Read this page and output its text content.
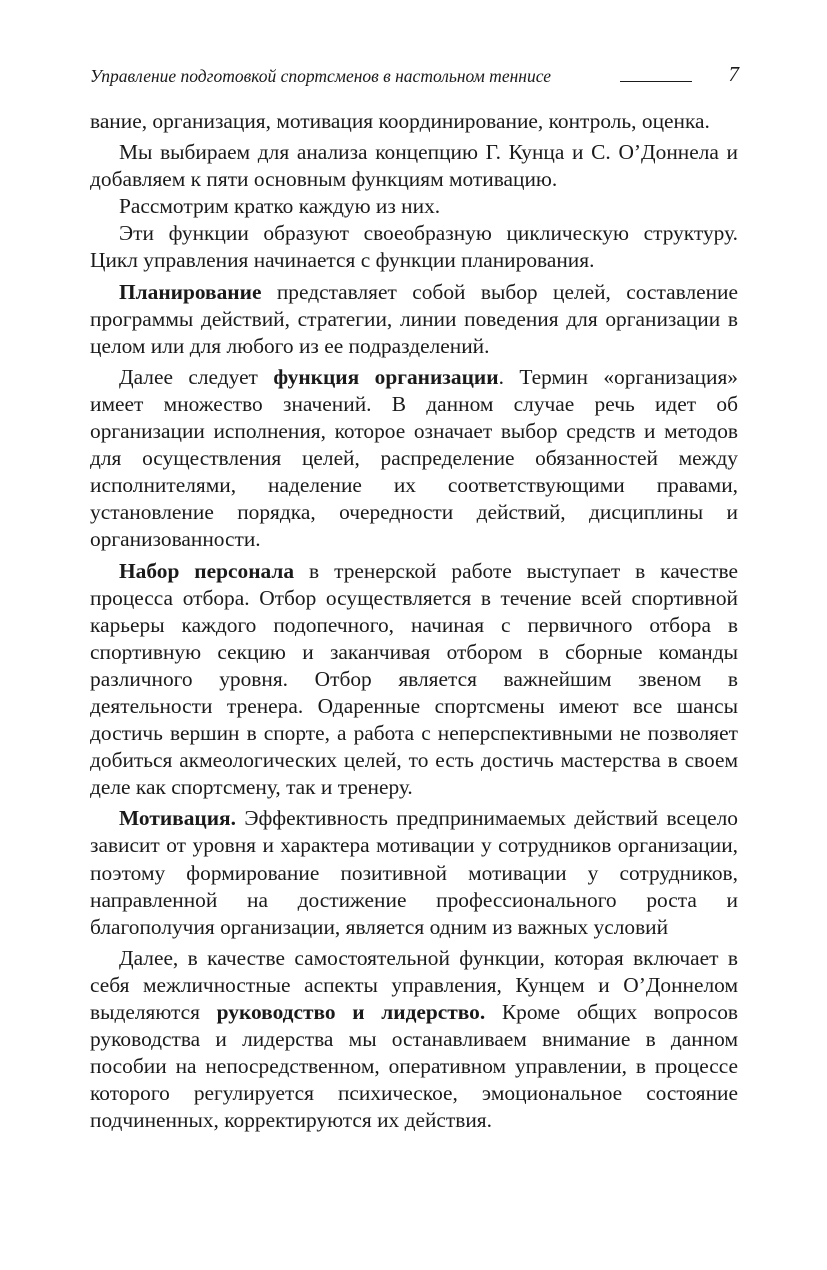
Управление подготовкой спортсменов в настольном теннисе	7

вание, организация, мотивация координирование, контроль, оценка.

Мы выбираем для анализа концепцию Г. Кунца и С. О’Доннела и добавляем к пяти основным функциям мотивацию.

Рассмотрим кратко каждую из них.

Эти функции образуют своеобразную циклическую структуру. Цикл управления начинается с функции планирования.

Планирование представляет собой выбор целей, составление программы действий, стратегии, линии поведения для организации в целом или для любого из ее подразделений.

Далее следует функция организации. Термин «организация» имеет множество значений. В данном случае речь идет об организации исполнения, которое означает выбор средств и методов для осуществления целей, распределение обязанностей между исполнителями, наделение их соответствующими правами, установление порядка, очередности действий, дисциплины и организованности.

Набор персонала в тренерской работе выступает в качестве процесса отбора. Отбор осуществляется в течение всей спортивной карьеры каждого подопечного, начиная с первичного отбора в спортивную секцию и заканчивая отбором в сборные команды различного уровня. Отбор является важнейшим звеном в деятельности тренера. Одаренные спортсмены имеют все шансы достичь вершин в спорте, а работа с неперспективными не позволяет добиться акмеологических целей, то есть достичь мастерства в своем деле как спортсмену, так и тренеру.

Мотивация. Эффективность предпринимаемых действий всецело зависит от уровня и характера мотивации у сотрудников организации, поэтому формирование позитивной мотивации у сотрудников, направленной на достижение профессионального роста и благополучия организации, является одним из важных условий

Далее, в качестве самостоятельной функции, которая включает в себя межличностные аспекты управления, Кунцем и О’Доннелом выделяются руководство и лидерство. Кроме общих вопросов руководства и лидерства мы останавливаем внимание в данном пособии на непосредственном, оперативном управлении, в процессе которого регулируется психическое, эмоциональное состояние подчиненных, корректируются их действия.
